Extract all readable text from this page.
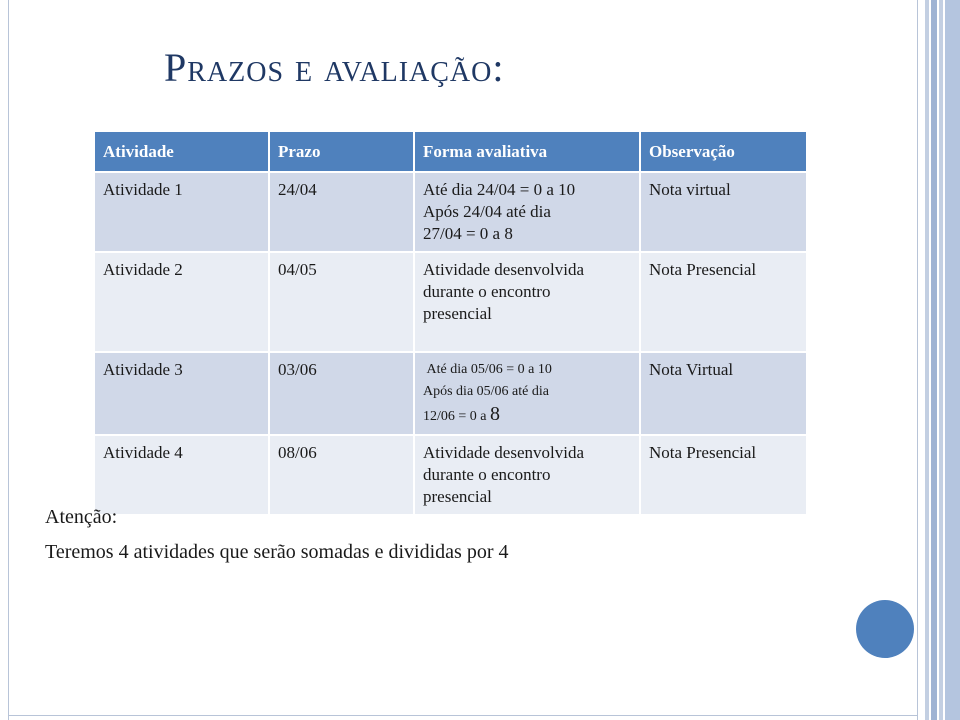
Prazos e avaliação:
Atividade	Prazo	Forma avaliativa	Observação
Atividade 1	24/04	Até dia 24/04 = 0 a 10
Após 24/04 até dia
27/04 = 0 a 8	Nota virtual
Atividade 2	04/05	Atividade desenvolvida
durante o encontro
presencial	Nota Presencial
Atividade 3	03/06	Até dia 05/06 = 0 a 10
Após dia 05/06 até dia
12/06 = 0 a 8	Nota Virtual
Atividade 4	08/06	Atividade desenvolvida
durante o encontro
presencial	Nota Presencial
Atenção:
Teremos 4 atividades que serão somadas e divididas por 4
